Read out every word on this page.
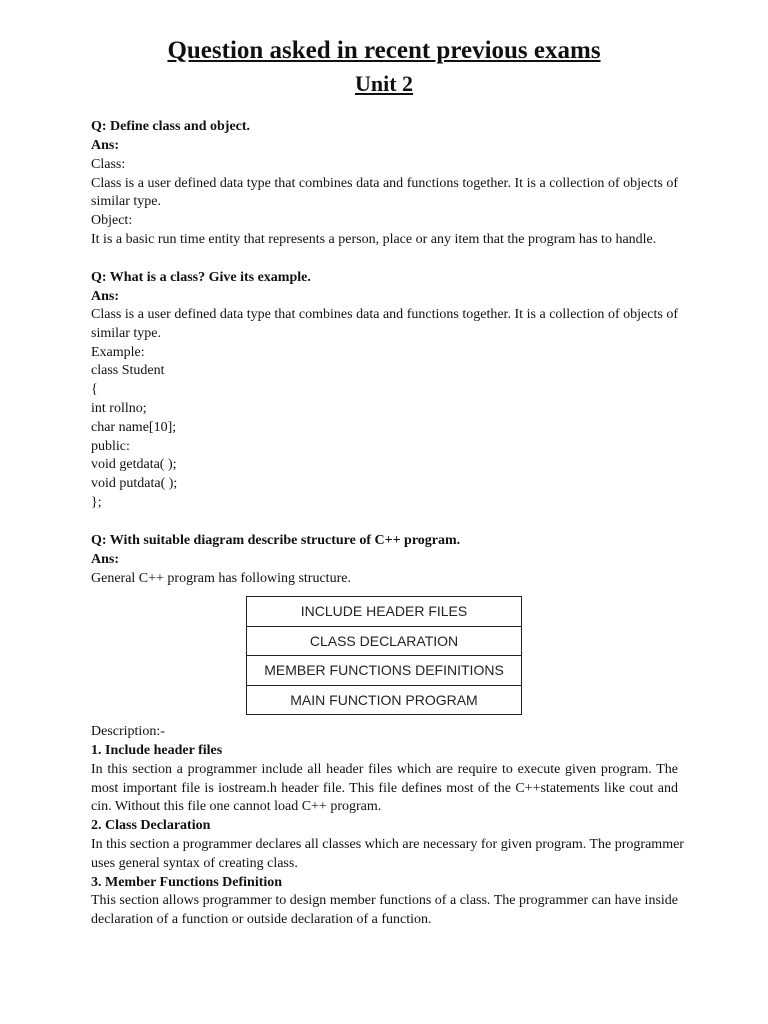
Question asked in recent previous exams
Unit 2
Q: Define class and object.
Ans:
Class:
Class is a user defined data type that combines data and functions together. It is a collection of objects of
similar type.
Object:
It is a basic run time entity that represents a person, place or any item that the program has to handle.
Q: What is a class? Give its example.
Ans:
Class is a user defined data type that combines data and functions together. It is a collection of objects of
similar type.
Example:
class Student
{
int rollno;
char name[10];
public:
void getdata( );
void putdata( );
};
Q: With suitable diagram describe structure of C++ program.
Ans:
General C++ program has following structure.
INCLUDE HEADER FILES
CLASS DECLARATION
MEMBER FUNCTIONS DEFINITIONS
MAIN FUNCTION PROGRAM
Description:-
1. Include header files
In this section a programmer include all header files which are require to execute given program. The
most important file is iostream.h header file. This file defines most of the C++statements like cout and
cin. Without this file one cannot load C++ program.
2. Class Declaration
In this section a programmer declares all classes which are necessary for given program. The programmer
uses general syntax of creating class.
3. Member Functions Definition
This section allows programmer to design member functions of a class. The programmer can have inside
declaration of a function or outside declaration of a function.
